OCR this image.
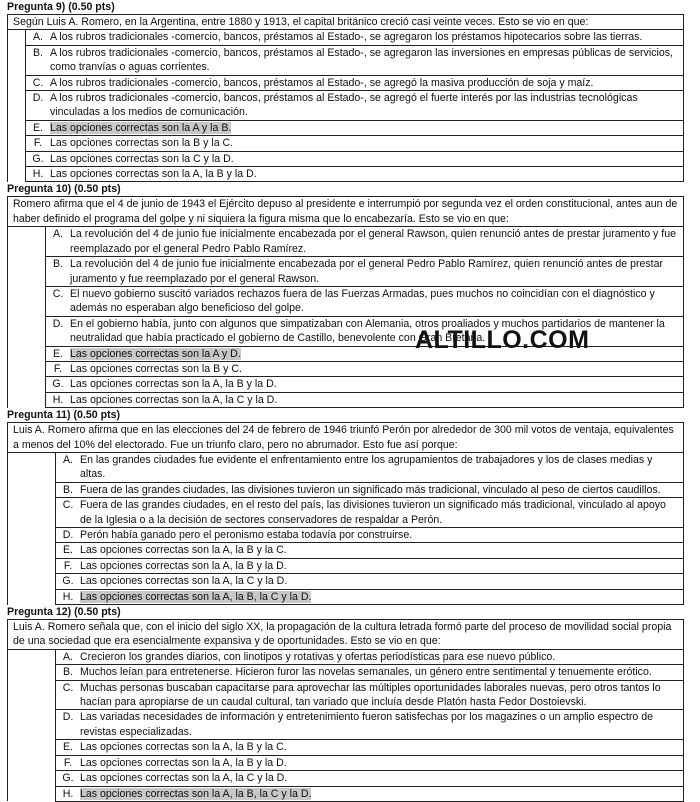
Pregunta 9) (0.50 pts)
Según Luis A. Romero, en la Argentina, entre 1880 y 1913, el capital británico creció casi veinte veces. Esto se vio en que:	

	A. A los rubros tradicionales -comercio, bancos, préstamos al Estado-, se agregaron los préstamos hipotecarios sobre las tierras.

	B. A los rubros tradicionales -comercio, bancos, préstamos al Estado-, se agregaron las inversiones en empresas públicas de servicios, como tranvías o aguas corrientes.

	C. A los rubros tradicionales -comercio, bancos, préstamos al Estado-, se agregó la masiva producción de soja y maíz.

	D. A los rubros tradicionales -comercio, bancos, préstamos al Estado-, se agregó el fuerte interés por las industrias tecnológicas vinculadas a los medios de comunicación.

	E. Las opciones correctas son la A y la B.

	F. Las opciones correctas son la B y la C.

	G. Las opciones correctas son la C y la D.

	H. Las opciones correctas son la A, la B y la D.
Pregunta 10) (0.50 pts)
Romero afirma que el 4 de junio de 1943 el Ejército depuso al presidente e interrumpió por segunda vez el orden constitucional, antes aun de haber definido el programa del golpe y ni siquiera la figura misma que lo encabezaría. Esto se vio en que:	

	A. La revolución del 4 de junio fue inicialmente encabezada por el general Rawson, quien renunció antes de prestar juramento y fue reemplazado por el general Pedro Pablo Ramírez.

	B. La revolución del 4 de junio fue inicialmente encabezada por el general Pedro Pablo Ramírez, quien renunció antes de prestar juramento y fue reemplazado por el general Rawson.

	C. El nuevo gobierno suscitó variados rechazos fuera de las Fuerzas Armadas, pues muchos no coincidían con el diagnóstico y además no esperaban algo beneficioso del golpe.

	D. En el gobierno había, junto con algunos que simpatizaban con Alemania, otros proaliados y muchos partidarios de mantener la neutralidad que había practicado el gobierno de Castillo, benevolente con Gran Bretaña.

	E. Las opciones correctas son la A y D.

	F. Las opciones correctas son la B y C.

	G. Las opciones correctas son la A, la B y la D.

	H. Las opciones correctas son la A, la C y la D.
Pregunta 11) (0.50 pts)
Luis A. Romero afirma que en las elecciones del 24 de febrero de 1946 triunfó Perón por alrededor de 300 mil votos de ventaja, equivalentes a menos del 10% del electorado. Fue un triunfo claro, pero no abrumador. Esto fue así porque:	

	A. En las grandes ciudades fue evidente el enfrentamiento entre los agrupamientos de trabajadores y los de clases medias y altas.

	B. Fuera de las grandes ciudades, las divisiones tuvieron un significado más tradicional, vinculado al peso de ciertos caudillos.

	C. Fuera de las grandes ciudades, en el resto del país, las divisiones tuvieron un significado más tradicional, vinculado al apoyo de la Iglesia o a la decisión de sectores conservadores de respaldar a Perón.

	D. Perón había ganado pero el peronismo estaba todavía por construirse.

	E. Las opciones correctas son la A, la B y la C.

	F. Las opciones correctas son la A, la B y la D.

	G. Las opciones correctas son la A, la C y la D.

	H. Las opciones correctas son la A, la B, la C y la D.
Pregunta 12) (0.50 pts)
Luis A. Romero señala que, con el inicio del siglo XX, la propagación de la cultura letrada formó parte del proceso de movilidad social propia de una sociedad que era esencialmente expansiva y de oportunidades. Esto se vio en que:	

	A. Crecieron los grandes diarios, con linotipos y rotativas y ofertas periodísticas para ese nuevo público.

	B. Muchos leían para entretenerse. Hicieron furor las novelas semanales, un género entre sentimental y tenuemente erótico.

	C. Muchas personas buscaban capacitarse para aprovechar las múltiples oportunidades laborales nuevas, pero otros tantos lo hacían para apropiarse de un caudal cultural, tan variado que incluía desde Platón hasta Fedor Dostoievski.

	D. Las variadas necesidades de información y entretenimiento fueron satisfechas por los magazines o un amplio espectro de revistas especializadas.

	E. Las opciones correctas son la A, la B y la C.

	F. Las opciones correctas son la A, la B y la D.

	G. Las opciones correctas son la A, la C y la D.

	H. Las opciones correctas son la A, la B, la C y la D.
ALTILLO.COM
